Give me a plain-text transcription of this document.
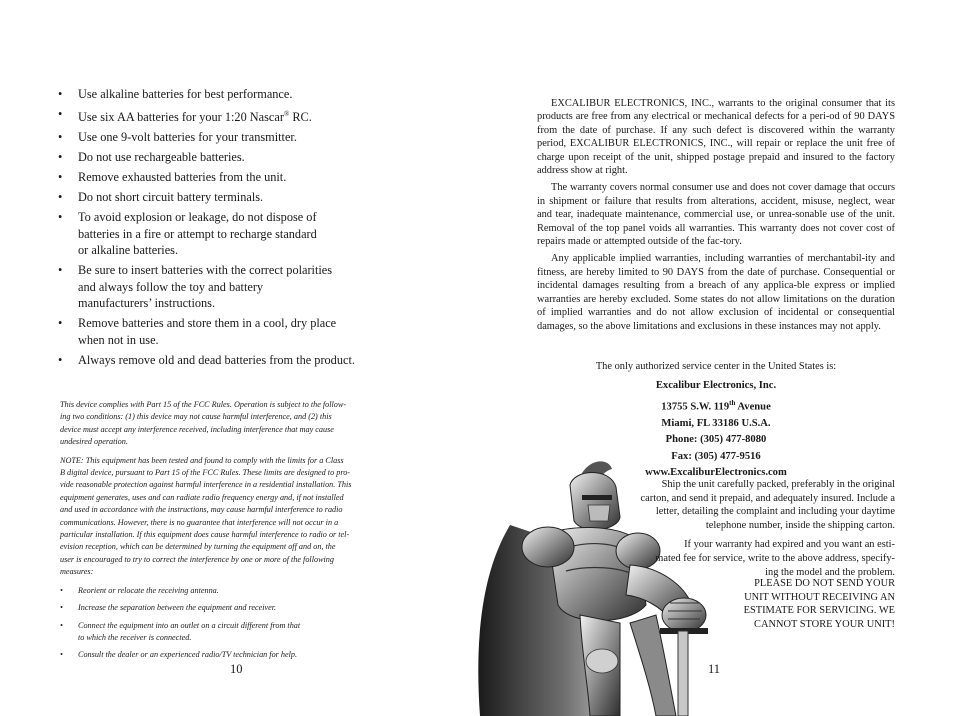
• Use alkaline batteries for best performance.
• Use six AA batteries for your 1:20 Nascar® RC.
• Use one 9-volt batteries for your transmitter.
• Do not use rechargeable batteries.
• Remove exhausted batteries from the unit.
• Do not short circuit battery terminals.
• To avoid explosion or leakage, do not dispose of
batteries in a fire or attempt to recharge standard
or alkaline batteries.
• Be sure to insert batteries with the correct polarities
and always follow the toy and battery
manufacturers’ instructions.
• Remove batteries and store them in a cool, dry place
when not in use.
• Always remove old and dead batteries from the product.

This device complies with Part 15 of the FCC Rules. Operation is subject to the follow-
ing two conditions: (1) this device may not cause harmful interference, and (2) this
device must accept any interference received, including interference that may cause
undesired operation.

NOTE: This equipment has been tested and found to comply with the limits for a Class
B digital device, pursuant to Part 15 of the FCC Rules. These limits are designed to pro-
vide reasonable protection against harmful interference in a residential installation. This
equipment generates, uses and can radiate radio frequency energy and, if not installed
and used in accordance with the instructions, may cause harmful interference to radio
communications. However, there is no guarantee that interference will not occur in a
particular installation. If this equipment does cause harmful interference to radio or tel-
evision reception, which can be determined by turning the equipment off and on, the
user is encouraged to try to correct the interference by one or more of the following
measures:

• Reorient or relocate the receiving antenna.
• Increase the separation between the equipment and receiver.
• Connect the equipment into an outlet on a circuit different from that
to which the receiver is connected.
• Consult the dealer or an experienced radio/TV technician for help.
10

EXCALIBUR ELECTRONICS, INC., warrants to the original consumer that its products are free from any electrical or mechanical defects for a peri-od of 90 DAYS from the date of purchase. If any such defect is discovered within the warranty period, EXCALIBUR ELECTRONICS, INC., will repair or replace the unit free of charge upon receipt of the unit, shipped postage prepaid and insured to the factory address show at right.

The warranty covers normal consumer use and does not cover damage that occurs in shipment or failure that results from alterations, accident, misuse, neglect, wear and tear, inadequate maintenance, commercial use, or unrea-sonable use of the unit. Removal of the top panel voids all warranties. This warranty does not cover cost of repairs made or attempted outside of the fac-tory.

Any applicable implied warranties, including warranties of merchantabil-ity and fitness, are hereby limited to 90 DAYS from the date of purchase. Consequential or incidental damages resulting from a breach of any applica-ble express or implied warranties are hereby excluded. Some states do not allow limitations on the duration of implied warranties and do not allow exclusion of incidental or consequential damages, so the above limitations and exclusions in these instances may not apply.

The only authorized service center in the United States is:
Excalibur Electronics, Inc.
13755 S.W. 119th Avenue
Miami, FL 33186 U.S.A.
Phone: (305) 477-8080
Fax: (305) 477-9516
www.ExcaliburElectronics.com

Ship the unit carefully packed, preferably in the original
carton, and send it prepaid, and adequately insured. Include a
letter, detailing the complaint and including your daytime
telephone number, inside the shipping carton.

If your warranty had expired and you want an esti-
mated fee for service, write to the above address, specify-
ing the model and the problem.

PLEASE DO NOT SEND YOUR
UNIT WITHOUT RECEIVING AN
ESTIMATE FOR SERVICING. WE
CANNOT STORE YOUR UNIT!
11
